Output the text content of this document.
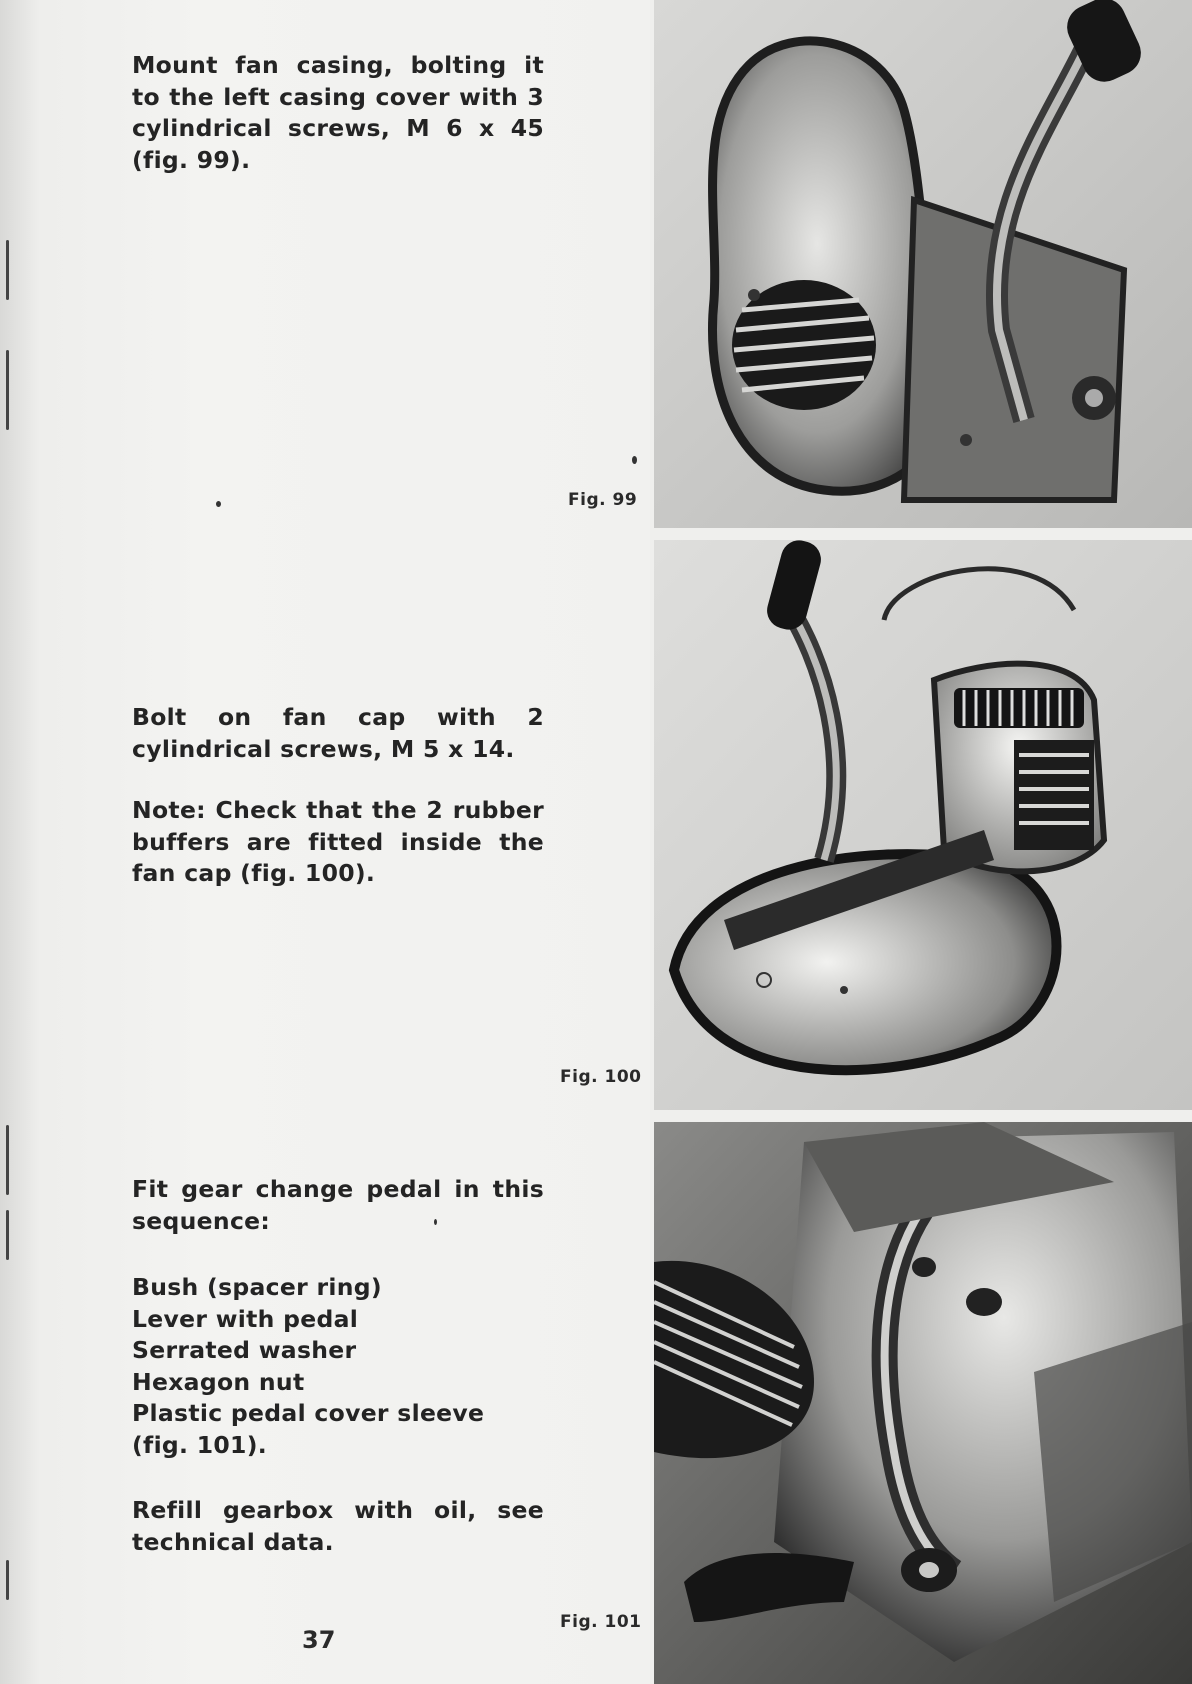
Mount fan casing, bolting it to the left casing cover with 3 cylindrical screws, M 6 x 45 (fig. 99).

Fig. 99

Bolt on fan cap with 2 cylindrical screws, M 5 x 14.

Note: Check that the 2 rubber buffers are fitted inside the fan cap (fig. 100).

Fig. 100

Fit gear change pedal in this sequence:

Bush (spacer ring)
Lever with pedal
Serrated washer
Hexagon nut
Plastic pedal cover sleeve
(fig. 101).

Refill gearbox with oil, see technical data.

Fig. 101
37
